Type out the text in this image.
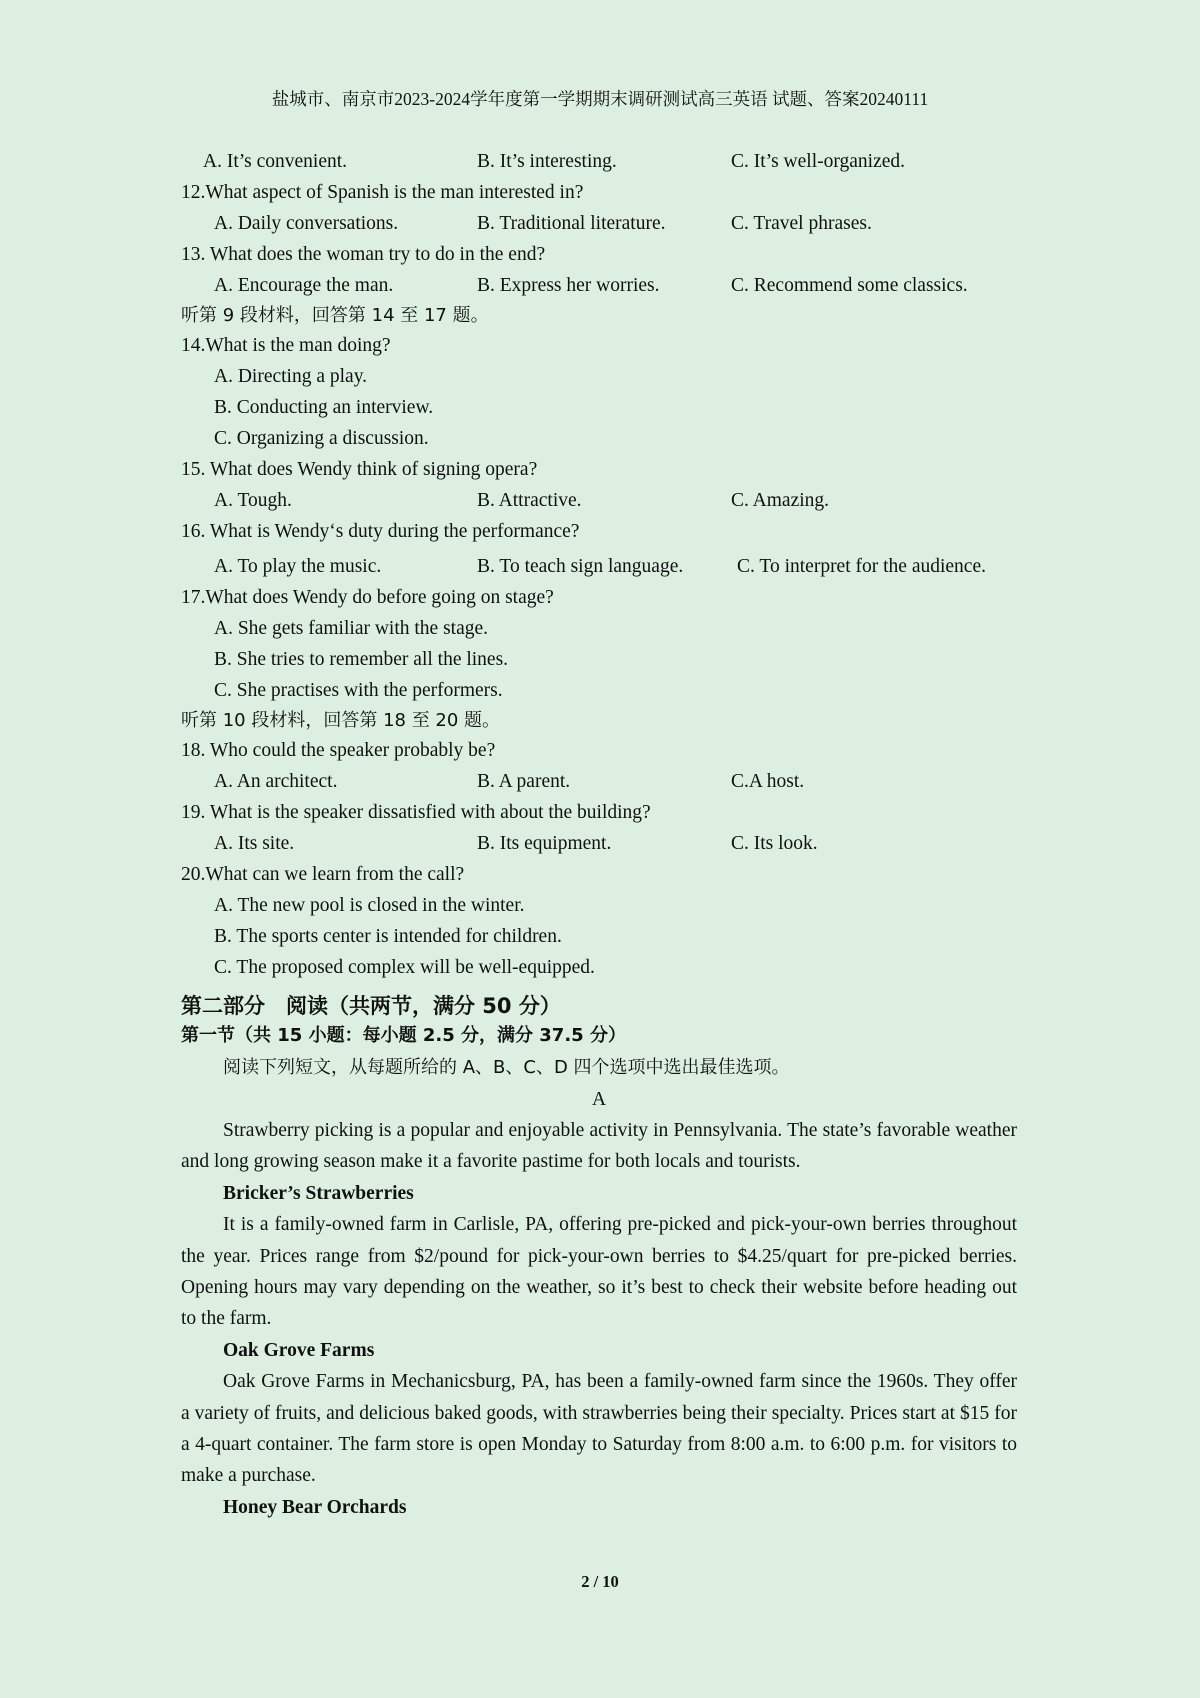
盐城市、南京市2023-2024学年度第一学期期末调研测试高三英语 试题、答案20240111
A. It’s convenient.	B. It’s interesting.	C. It’s well-organized.
12.What aspect of Spanish is the man interested in?
A. Daily conversations.	B. Traditional literature.	C. Travel phrases.
13. What does the woman try to do in the end?
A. Encourage the man.	B. Express her worries.	C. Recommend some classics.
听第 9 段材料，回答第 14 至 17 题。
14.What is the man doing?
A. Directing a play.
B. Conducting an interview.
C. Organizing a discussion.
15. What does Wendy think of signing opera?
A. Tough.	B. Attractive.	C. Amazing.
16. What is Wendy‘s duty during the performance?
A. To play the music.	B. To teach sign language.	C. To interpret for the audience.
17.What does Wendy do before going on stage?
A. She gets familiar with the stage.
B. She tries to remember all the lines.
C. She practises with the performers.
听第 10 段材料，回答第 18 至 20 题。
18. Who could the speaker probably be?
A. An architect.	B. A parent.	C.A host.
19. What is the speaker dissatisfied with about the building?
A. Its site.	B. Its equipment.	C. Its look.
20.What can we learn from the call?
A. The new pool is closed in the winter.
B. The sports center is intended for children.
C. The proposed complex will be well-equipped.
第二部分　阅读（共两节，满分 50 分）
第一节（共 15 小题：每小题 2.5 分，满分 37.5 分）
阅读下列短文，从每题所给的 A、B、C、D 四个选项中选出最佳选项。
A

Strawberry picking is a popular and enjoyable activity in Pennsylvania. The state’s favorable weather and long growing season make it a favorite pastime for both locals and tourists.

Bricker’s Strawberries

It is a family-owned farm in Carlisle, PA, offering pre-picked and pick-your-own berries throughout the year. Prices range from $2/pound for pick-your-own berries to $4.25/quart for pre-picked berries. Opening hours may vary depending on the weather, so it’s best to check their website before heading out to the farm.

Oak Grove Farms

Oak Grove Farms in Mechanicsburg, PA, has been a family-owned farm since the 1960s. They offer a variety of fruits, and delicious baked goods, with strawberries being their specialty. Prices start at $15 for a 4-quart container. The farm store is open Monday to Saturday from 8:00 a.m. to 6:00 p.m. for visitors to make a purchase.

Honey Bear Orchards
2 / 10
